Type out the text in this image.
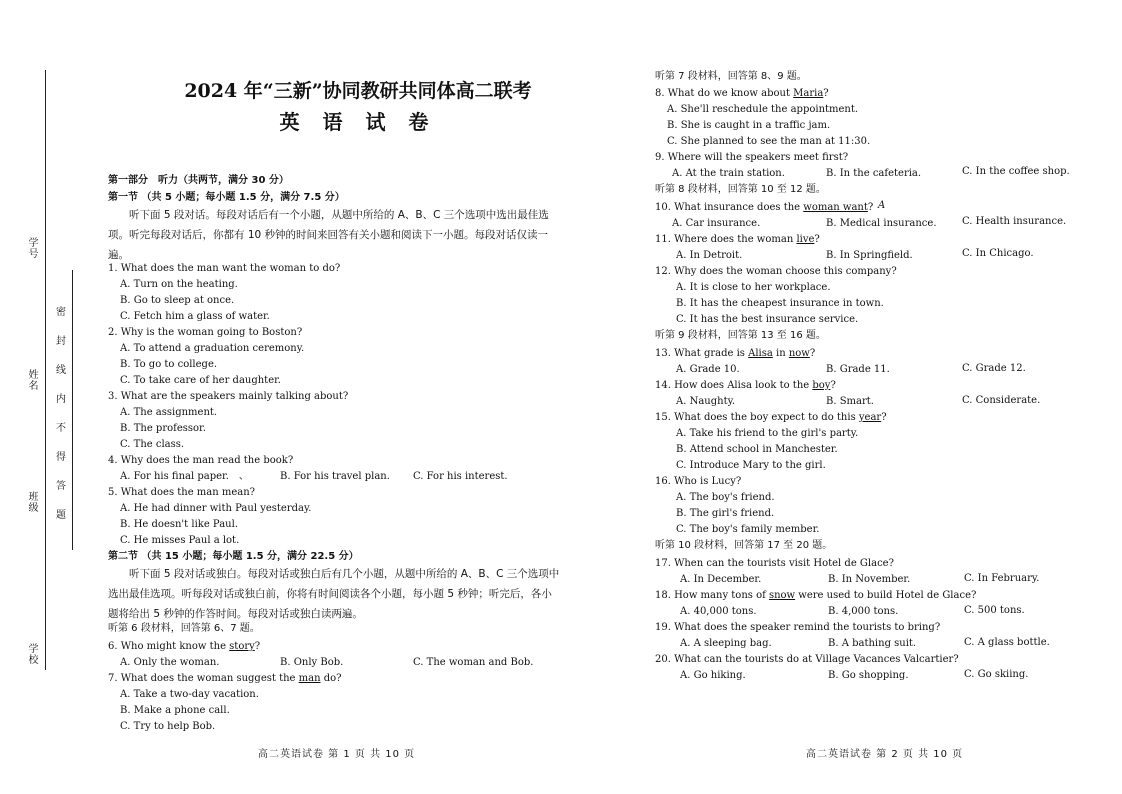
学号
姓名
班级
学校
密
封
线
内
不
得
答
题
2024 年“三新”协同教研共同体高二联考
英 语 试 卷
第一部分　听力（共两节，满分 30 分）
第一节 （共 5 小题；每小题 1.5 分，满分 7.5 分）
听下面 5 段对话。每段对话后有一个小题，从题中所给的 A、B、C 三个选项中选出最佳选项。听完每段对话后，你都有 10 秒钟的时间来回答有关小题和阅读下一小题。每段对话仅读一遍。
1. What does the man want the woman to do?
A. Turn on the heating.
B. Go to sleep at once.
C. Fetch him a glass of water.
2. Why is the woman going to Boston?
A. To attend a graduation ceremony.
B. To go to college.
C. To take care of her daughter.
3. What are the speakers mainly talking about?
A. The assignment.
B. The professor.
C. The class.
4. Why does the man read the book?
A. For his final paper.　、	B. For his travel plan. C. For his interest.
5. What does the man mean?
A. He had dinner with Paul yesterday.
B. He doesn't like Paul.
C. He misses Paul a lot.
第二节 （共 15 小题；每小题 1.5 分，满分 22.5 分）
听下面 5 段对话或独白。每段对话或独白后有几个小题，从题中所给的 A、B、C 三个选项中选出最佳选项。听每段对话或独白前，你将有时间阅读各个小题，每小题 5 秒钟；听完后，各小题将给出 5 秒钟的作答时间。每段对话或独白读两遍。
听第 6 段材料，回答第 6、7 题。
6. Who might know the story?
A. Only the woman.	B. Only Bob.	C. The woman and Bob.
7. What does the woman suggest the man do?
A. Take a two-day vacation.
B. Make a phone call.
C. Try to help Bob.
高二英语试卷 第 1 页 共 10 页
听第 7 段材料，回答第 8、9 题。
8. What do we know about Maria?
A. She'll reschedule the appointment.
B. She is caught in a traffic jam.
C. She planned to see the man at 11:30.
9. Where will the speakers meet first?
A. At the train station.	B. In the cafeteria.	C. In the coffee shop.
听第 8 段材料，回答第 10 至 12 题。
10. What insurance does the woman want? A
A. Car insurance.	B. Medical insurance.	C. Health insurance.
11. Where does the woman live?
A. In Detroit.	B. In Springfield.	C. In Chicago.
12. Why does the woman choose this company?
A. It is close to her workplace.
B. It has the cheapest insurance in town.
C. It has the best insurance service.
听第 9 段材料，回答第 13 至 16 题。
13. What grade is Alisa in now?
A. Grade 10.	B. Grade 11.	C. Grade 12.
14. How does Alisa look to the boy?
A. Naughty.	B. Smart.	C. Considerate.
15. What does the boy expect to do this year?
A. Take his friend to the girl's party.
B. Attend school in Manchester.
C. Introduce Mary to the girl.
16. Who is Lucy?
A. The boy's friend.
B. The girl's friend.
C. The boy's family member.
听第 10 段材料，回答第 17 至 20 题。
17. When can the tourists visit Hotel de Glace?
A. In December.	B. In November.	C. In February.
18. How many tons of snow were used to build Hotel de Glace?
A. 40,000 tons.	B. 4,000 tons.	C. 500 tons.
19. What does the speaker remind the tourists to bring?
A. A sleeping bag.	B. A bathing suit.	C. A glass bottle.
20. What can the tourists do at Village Vacances Valcartier?
A. Go hiking.	B. Go shopping.	C. Go skiing.
高二英语试卷 第 2 页 共 10 页
